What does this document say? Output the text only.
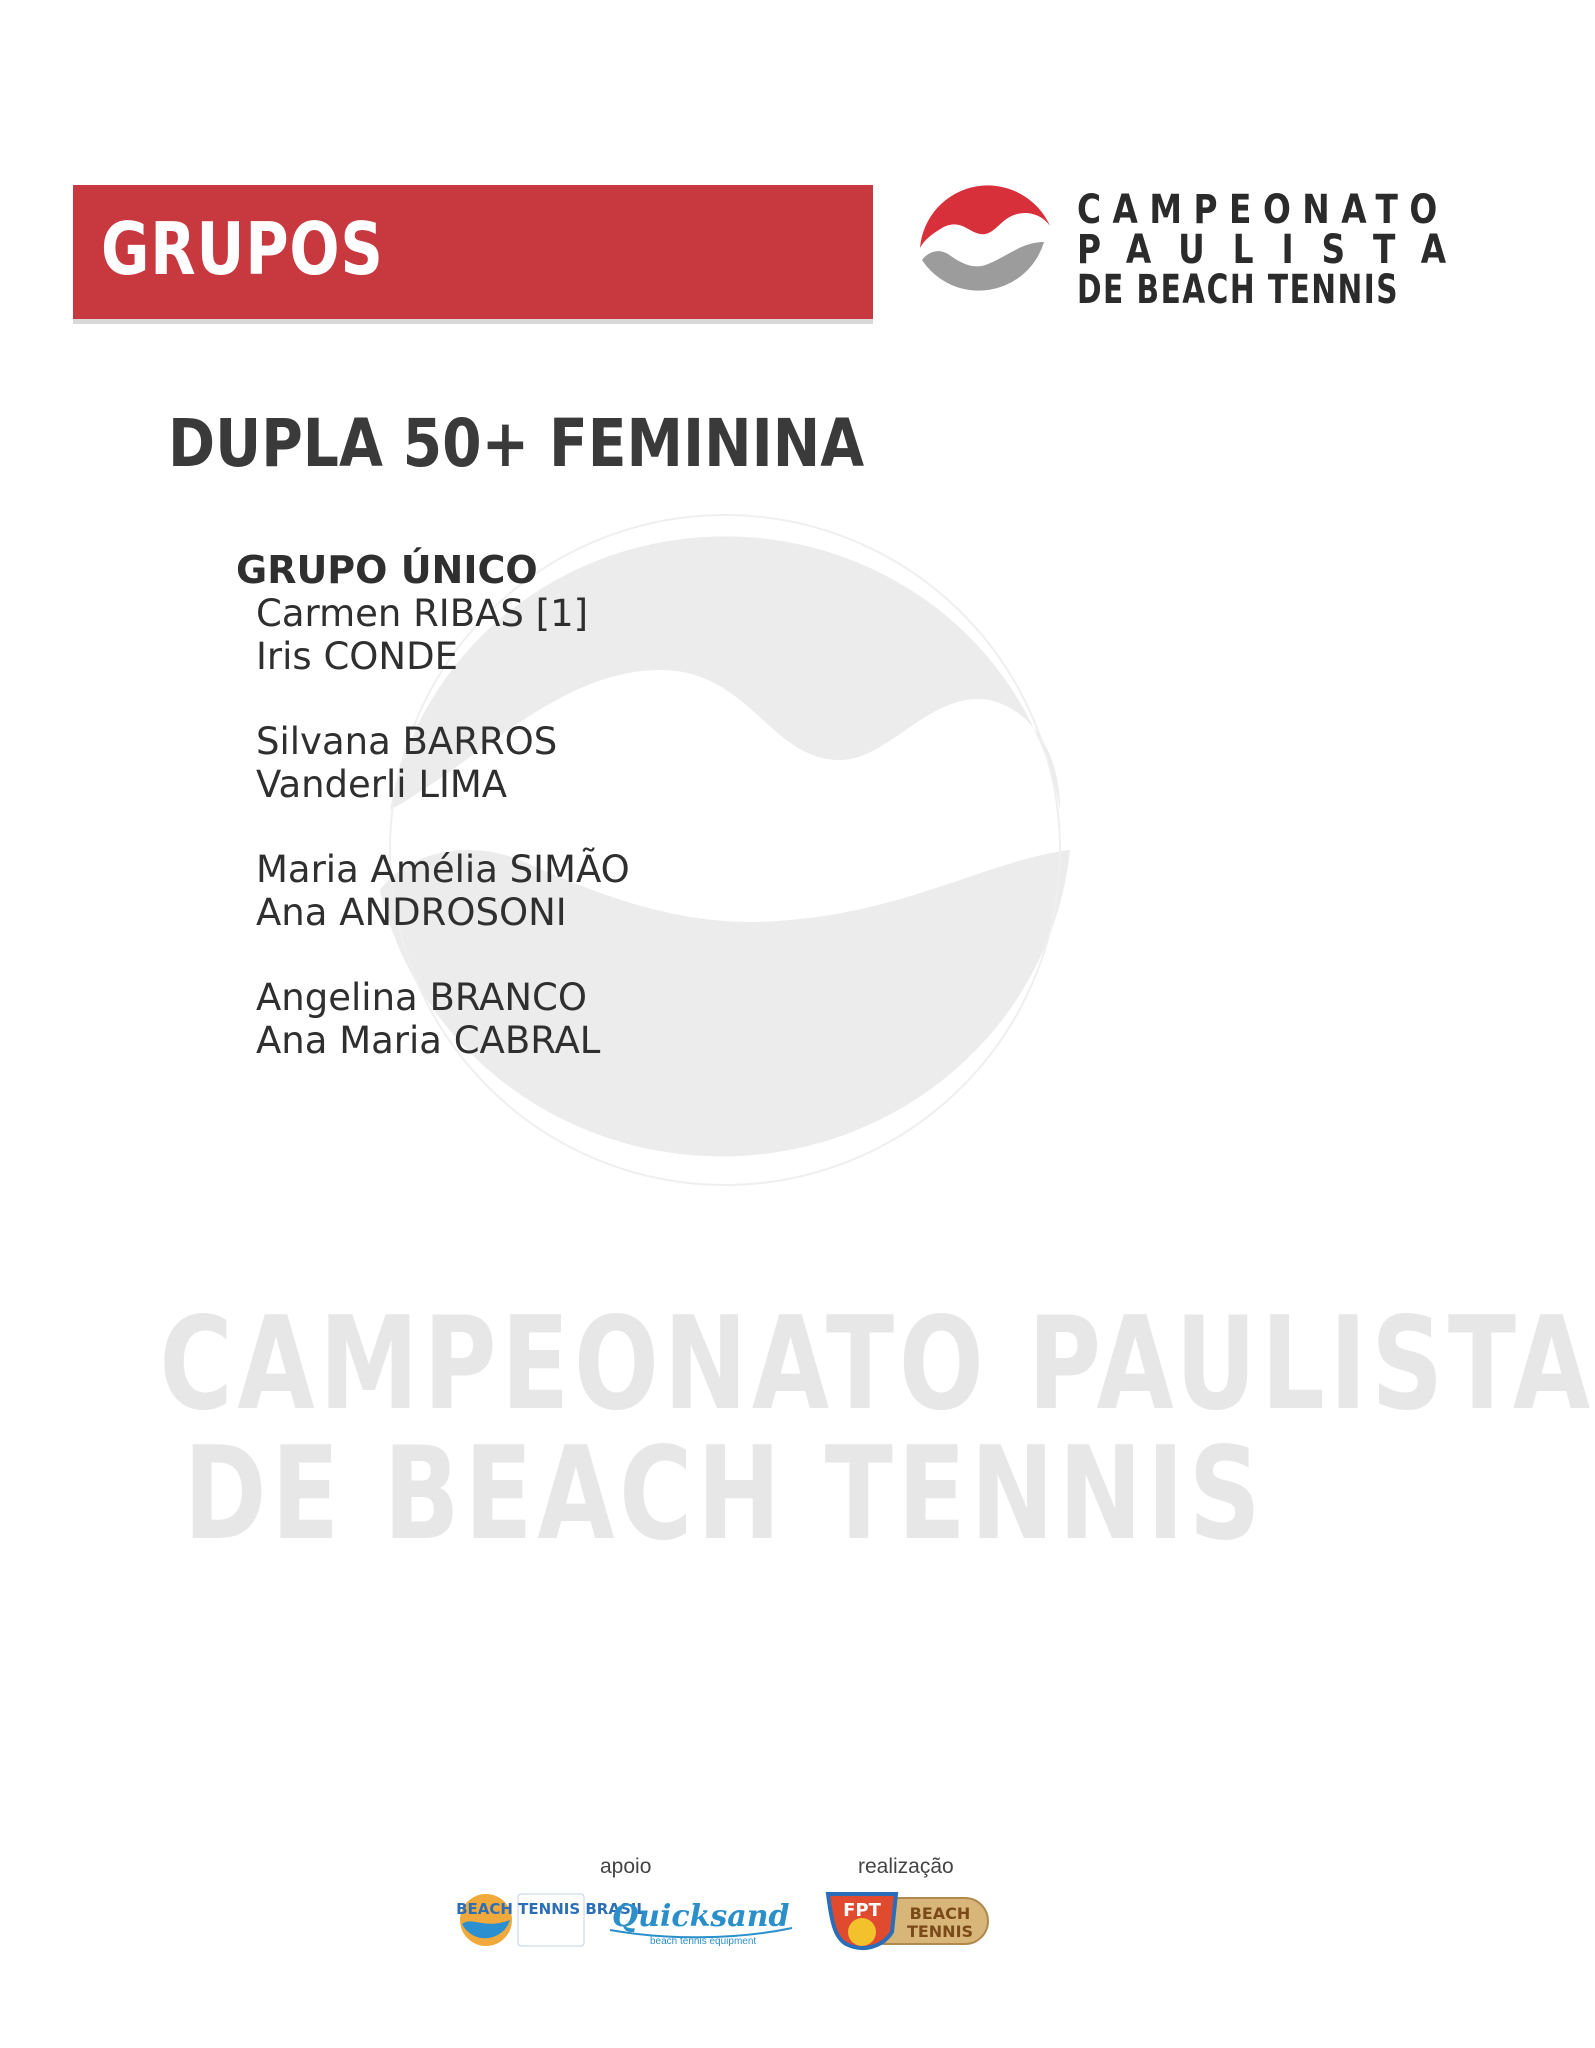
GRUPOS	CAMPEONATO
PAULISTA
DE BEACH TENNIS
CAMPEONATO PAULISTA
DE BEACH TENNIS
DUPLA 50+ FEMININA
GRUPO ÚNICO
Carmen RIBAS [1]
Iris CONDE
Silvana BARROS
Vanderli LIMA
Maria Amélia SIMÃO
Ana ANDROSONI
Angelina BRANCO
Ana Maria CABRAL
apoio	realização
BEACH TENNIS BRASIL
Quicksand
beach tennis equipment
FPT BEACH
TENNIS
